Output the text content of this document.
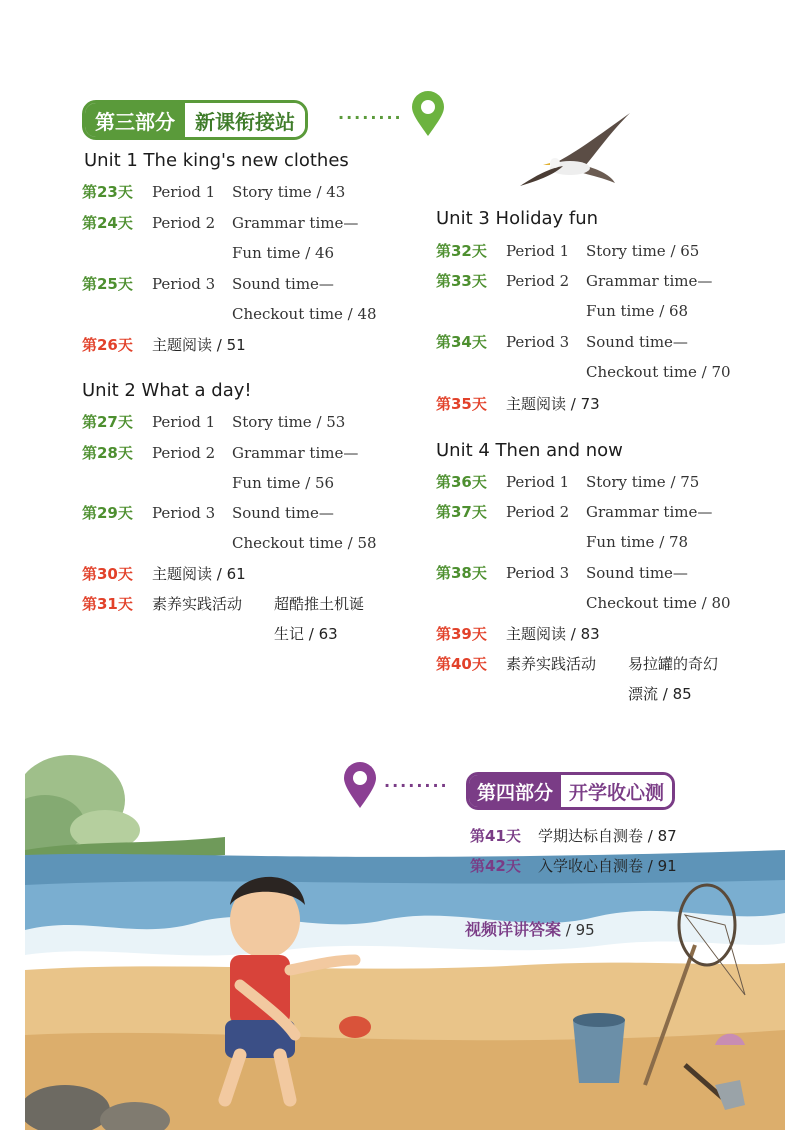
第三部分	新课衔接站	········
Unit 1 The king's new clothes
第23天 Period 1 Story time / 43
第24天 Period 2 Grammar time—
Fun time / 46
第25天 Period 3 Sound time—
Checkout time / 48
第26天 主题阅读 / 51
Unit 2 What a day!
第27天 Period 1 Story time / 53
第28天 Period 2 Grammar time—
Fun time / 56
第29天 Period 3 Sound time—
Checkout time / 58
第30天 主题阅读 / 61
第31天 素养实践活动 超酷推土机诞
生记 / 63
Unit 3 Holiday fun
第32天 Period 1 Story time / 65
第33天 Period 2 Grammar time—
Fun time / 68
第34天 Period 3 Sound time—
Checkout time / 70
第35天 主题阅读 / 73
Unit 4 Then and now
第36天 Period 1 Story time / 75
第37天 Period 2 Grammar time—
Fun time / 78
第38天 Period 3 Sound time—
Checkout time / 80
第39天 主题阅读 / 83
第40天 素养实践活动 易拉罐的奇幻
漂流 / 85
········	第四部分 开学收心测
第41天 学期达标自测卷 / 87
第42天 入学收心自测卷 / 91
视频详讲答案 / 95
